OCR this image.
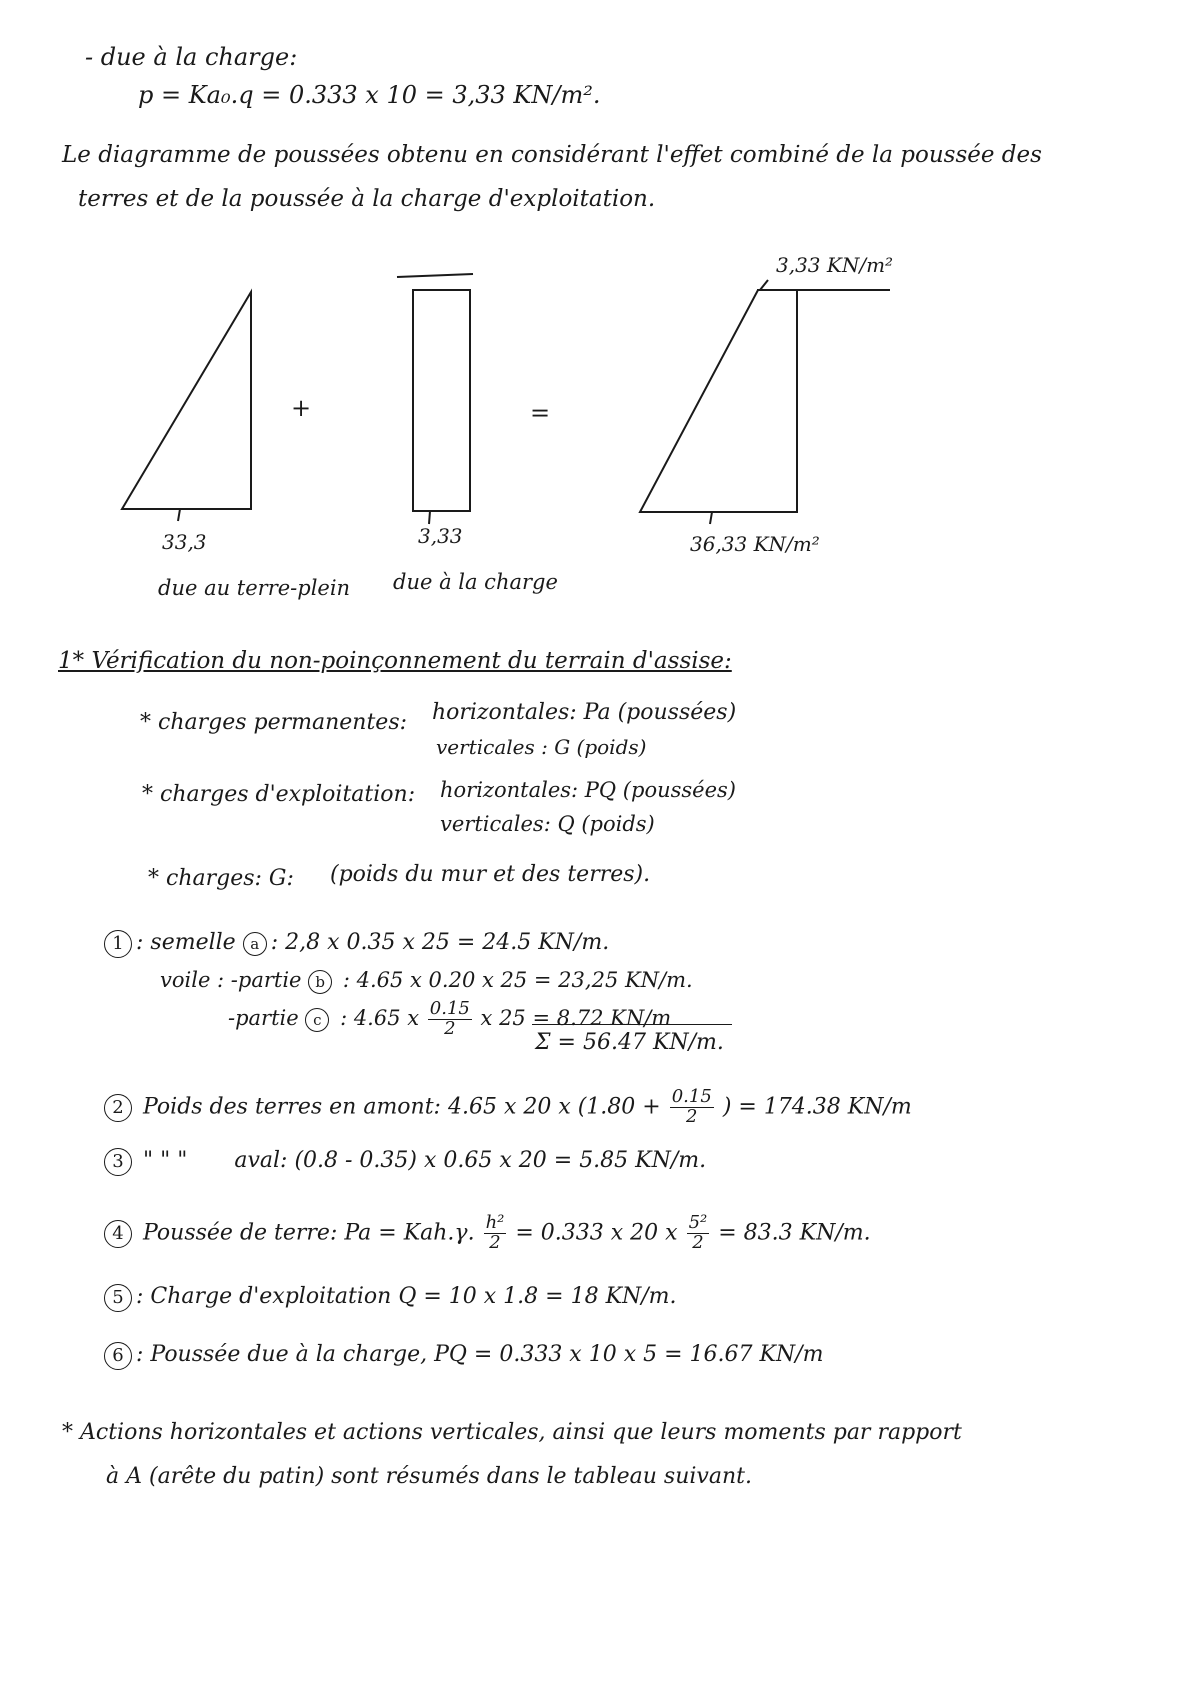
- due à la charge:
p = Ka₀.q = 0.333 x 10 = 3,33 KN/m².
Le diagramme de poussées obtenu en considérant l'effet combiné de la poussée des
terres et de la poussée à la charge d'exploitation.
+	=
3,33 KN/m²
33,3	3,33	36,33 KN/m²
due au terre-plein due à la charge
1* Vérification du non-poinçonnement du terrain d'assise:
* charges permanentes: horizontales: Pa (poussées)
verticales : G (poids)
* charges d'exploitation: horizontales: PQ (poussées)
verticales: Q (poids)
* charges: G: (poids du mur et des terres).
1 : semelle a : 2,8 x 0.35 x 25 = 24.5 KN/m.
voile : -partie b : 4.65 x 0.20 x 25 = 23,25 KN/m.
-partie c : 4.65 x $\frac{0.15}{2}$ x 25 = 8.72 KN/m
Σ = 56.47 KN/m.
2 Poids des terres en amont: 4.65 x 20 x ($1.80 + \frac{0.15}{2}$ ) = 174.38 KN/m
3 " " " aval: (0.8 - 0.35) x 0.65 x 20 = 5.85 KN/m.
4 Poussée de terre: Pa = Kah.γ. $\frac{\text{h²}}{2} = 0.333$ x 20 x $\frac{\text{5²}}{2} = 83.3$ KN/m.
5 : Charge d'exploitation Q = 10 x 1.8 = 18 KN/m.
6 : Poussée due à la charge, PQ = 0.333 x 10 x 5 = 16.67 KN/m
* Actions horizontales et actions verticales, ainsi que leurs moments par rapport
à A (arête du patin) sont résumés dans le tableau suivant.
